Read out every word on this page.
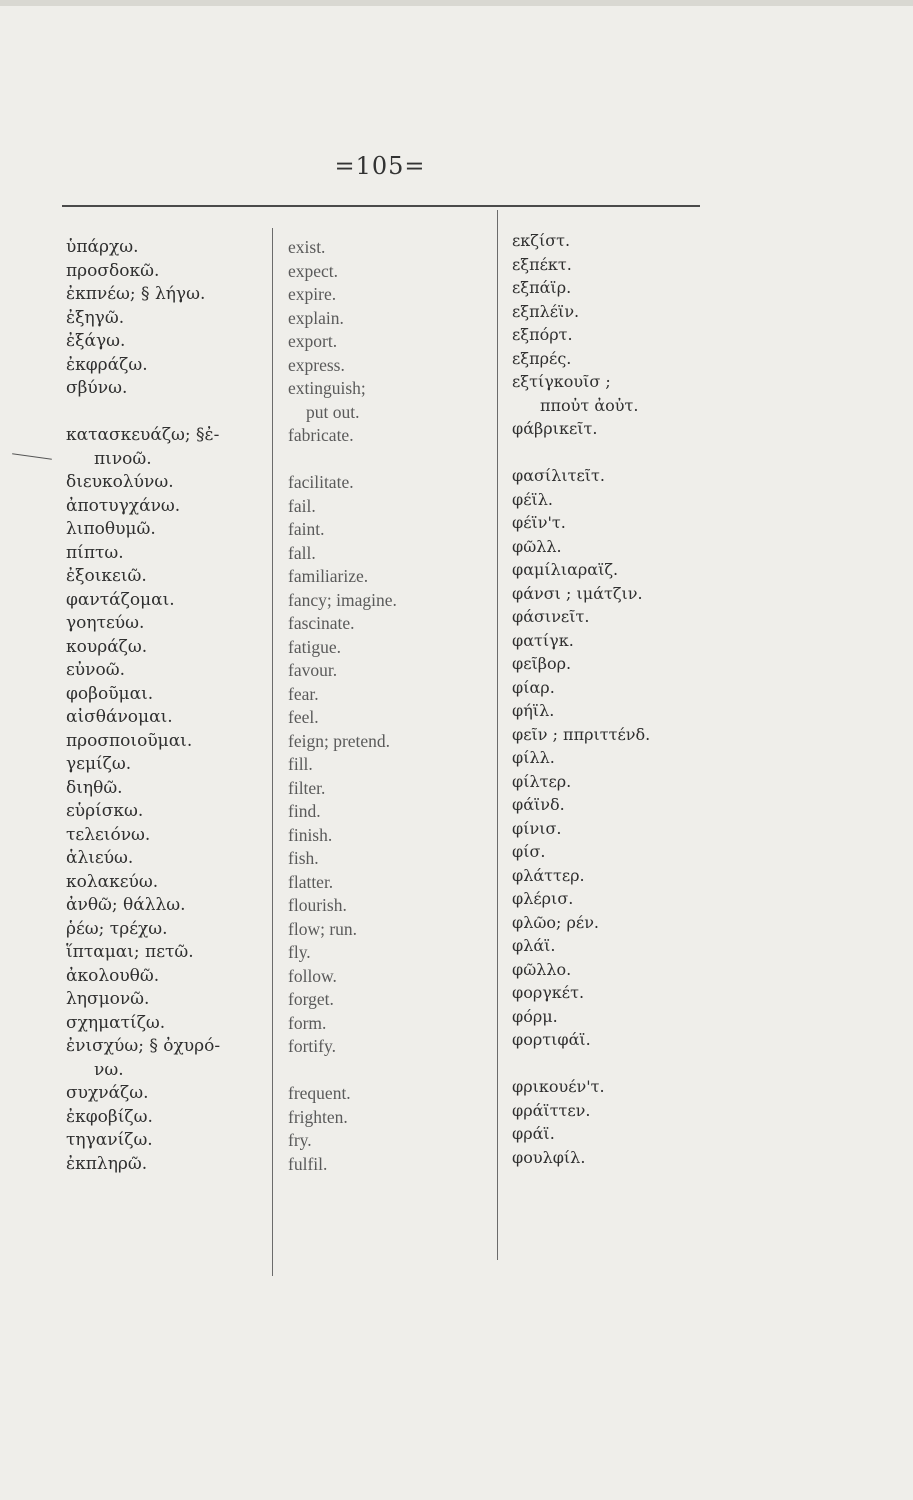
=105=
ὑπάρχω.
προσδοκῶ.
ἐκπνέω; § λήγω.
ἐξηγῶ.
ἐξάγω.
ἐκφράζω.
σβύνω.
κατασκευάζω; §ἐ-
πινοῶ.
διευκολύνω.
ἀποτυγχάνω.
λιποθυμῶ.
πίπτω.
ἐξοικειῶ.
φαντάζομαι.
γοητεύω.
κουράζω.
εὐνοῶ.
φοβοῦμαι.
αἰσθάνομαι.
προσποιοῦμαι.
γεμίζω.
διηθῶ.
εὑρίσκω.
τελειόνω.
ἁλιεύω.
κολακεύω.
ἀνθῶ; θάλλω.
ῥέω; τρέχω.
ἵπταμαι; πετῶ.
ἀκολουθῶ.
λησμονῶ.
σχηματίζω.
ἐνισχύω; § ὀχυρό-
νω.
συχνάζω.
ἐκφοβίζω.
τηγανίζω.
ἐκπληρῶ.
exist.
expect.
expire.
explain.
export.
express.
extinguish;
put out.
fabricate.
facilitate.
fail.
faint.
fall.
familiarize.
fancy; imagine.
fascinate.
fatigue.
favour.
fear.
feel.
feign; pretend.
fill.
filter.
find.
finish.
fish.
flatter.
flourish.
flow; run.
fly.
follow.
forget.
form.
fortify.
frequent.
frighten.
fry.
fulfil.
εκζίστ.
εξπέκτ.
εξπάϊρ.
εξπλέϊν.
εξπόρτ.
εξπρές.
εξτίγκουῖσ ;
πποὐτ ἀοὐτ.
φάβρικεῖτ.
φασίλιτεῖτ.
φέϊλ.
φέϊν'τ.
φῶλλ.
φαμίλιαραϊζ.
φάνσι ; ιμάτζιν.
φάσινεῖτ.
φατίγκ.
φεῖβορ.
φίαρ.
φήϊλ.
φεῖν ; ππριττένδ.
φίλλ.
φίλτερ.
φάϊνδ.
φίνισ.
φίσ.
φλάττερ.
φλέρισ.
φλῶο; ρέν.
φλάϊ.
φῶλλο.
φοργκέτ.
φόρμ.
φορτιφάϊ.
φρικουέν'τ.
φράϊττεν.
φράϊ.
φουλφίλ.
